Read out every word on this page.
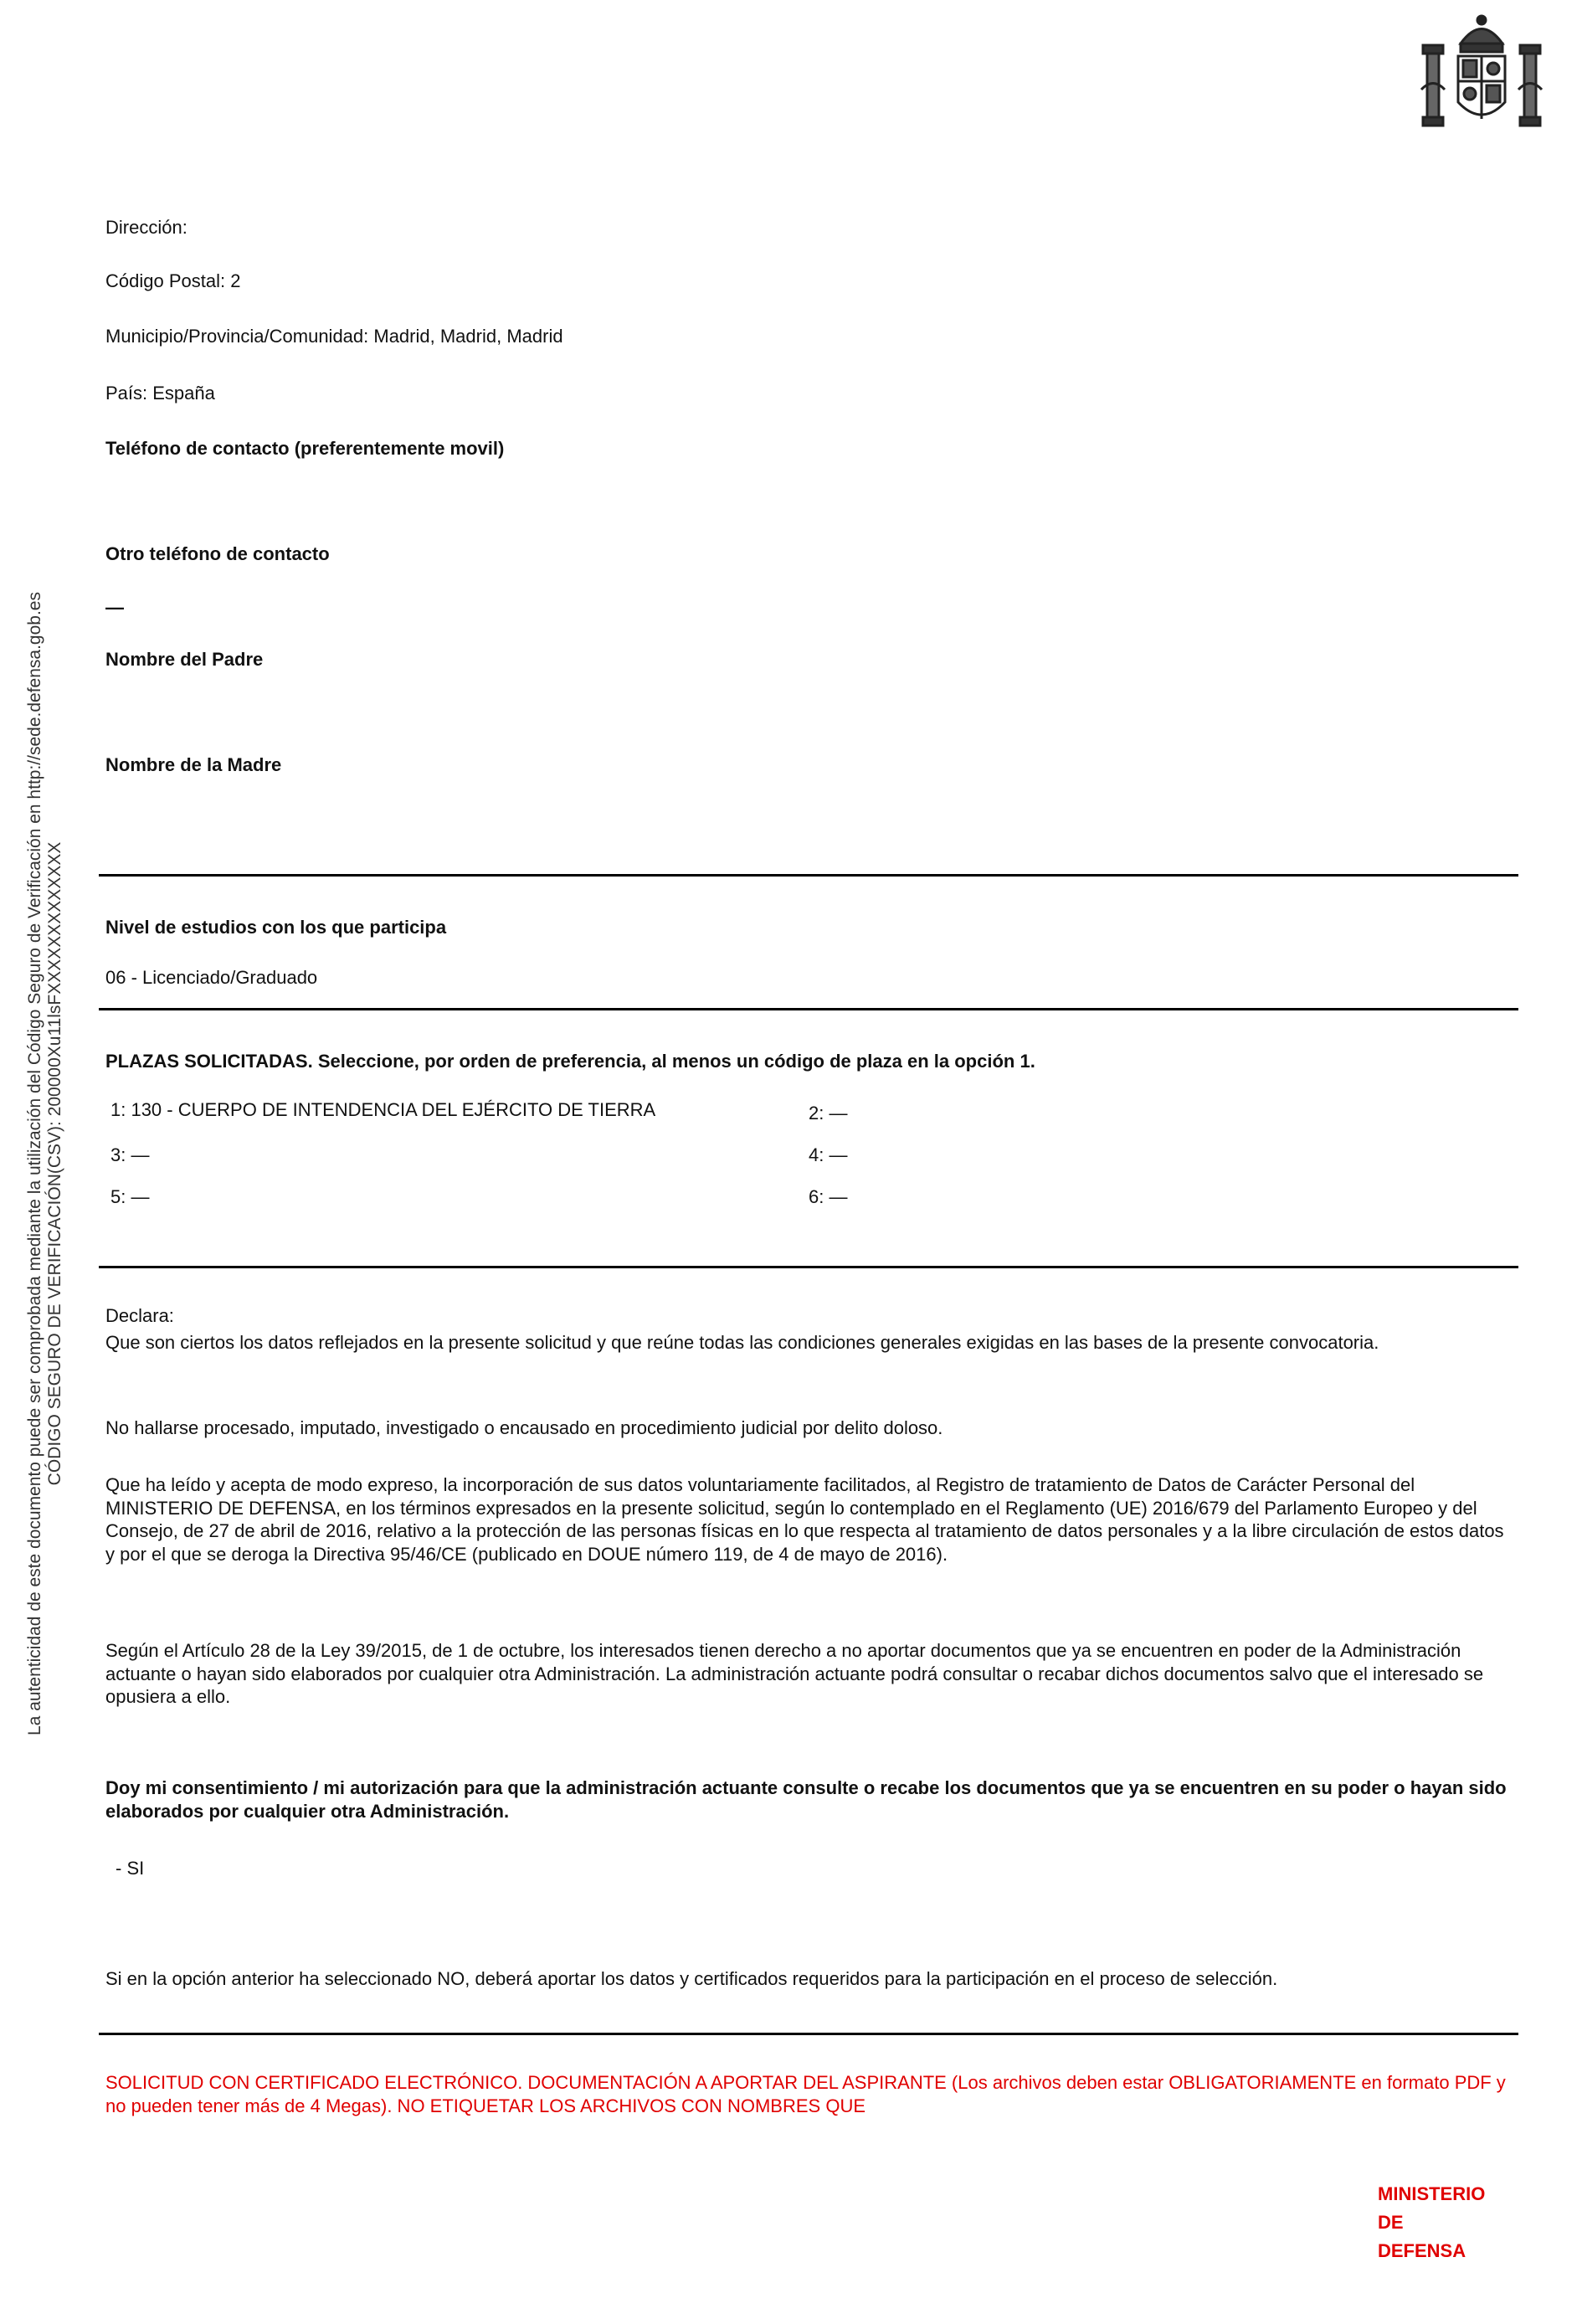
La autenticidad de este documento puede ser comprobada mediante la utilización del Código Seguro de Verificación en http://sede.defensa.gob.es CÓDIGO SEGURO DE VERIFICACIÓN(CSV): 200000Xu11lsFXXXXXXXXXXXXX
Dirección:
Código Postal: 2
Municipio/Provincia/Comunidad: Madrid, Madrid, Madrid
País: España
Teléfono de contacto (preferentemente movil)
Otro teléfono de contacto
—
Nombre del Padre
Nombre de la Madre
Nivel de estudios con los que participa
06 - Licenciado/Graduado
PLAZAS SOLICITADAS. Seleccione, por orden de preferencia, al menos un código de plaza en la opción 1.
1: 130 - CUERPO DE INTENDENCIA DEL EJÉRCITO DE TIERRA	2: —
3: —	4: —
5: —	6: —
Declara:
Que son ciertos los datos reflejados en la presente solicitud y que reúne todas las condiciones generales exigidas en las bases de la presente convocatoria.
No hallarse procesado, imputado, investigado o encausado en procedimiento judicial por delito doloso.
Que ha leído y acepta de modo expreso, la incorporación de sus datos voluntariamente facilitados, al Registro de tratamiento de Datos de Carácter Personal del MINISTERIO DE DEFENSA, en los términos expresados en la presente solicitud, según lo contemplado en el Reglamento (UE) 2016/679 del Parlamento Europeo y del Consejo, de 27 de abril de 2016, relativo a la protección de las personas físicas en lo que respecta al tratamiento de datos personales y a la libre circulación de estos datos y por el que se deroga la Directiva 95/46/CE (publicado en DOUE número 119, de 4 de mayo de 2016).
Según el Artículo 28 de la Ley 39/2015, de 1 de octubre, los interesados tienen derecho a no aportar documentos que ya se encuentren en poder de la Administración actuante o hayan sido elaborados por cualquier otra Administración. La administración actuante podrá consultar o recabar dichos documentos salvo que el interesado se opusiera a ello.
Doy mi consentimiento / mi autorización para que la administración actuante consulte o recabe los documentos que ya se encuentren en su poder o hayan sido elaborados por cualquier otra Administración.
- SI
Si en la opción anterior ha seleccionado NO, deberá aportar los datos y certificados requeridos para la participación en el proceso de selección.
SOLICITUD CON CERTIFICADO ELECTRÓNICO. DOCUMENTACIÓN A APORTAR DEL ASPIRANTE (Los archivos deben estar OBLIGATORIAMENTE en formato PDF y no pueden tener más de 4 Megas). NO ETIQUETAR LOS ARCHIVOS CON NOMBRES QUE
MINISTERIO
DE
DEFENSA
